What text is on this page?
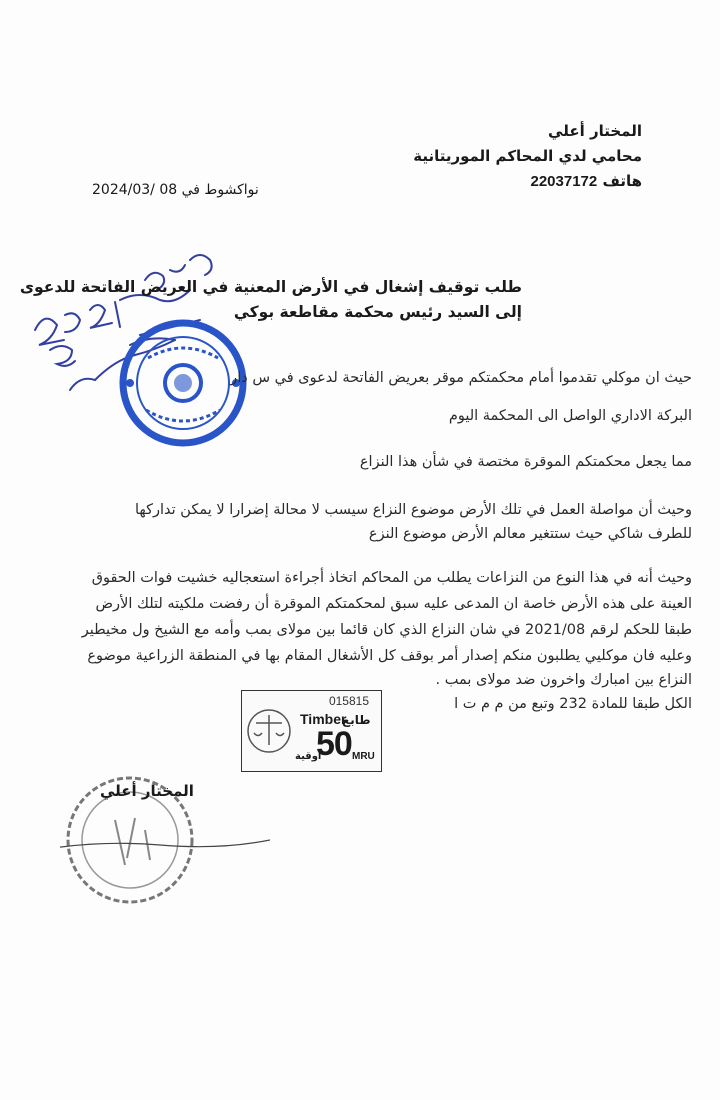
المختار أعلي
محامي لدي المحاكم الموريتانية
هاتف 22037172
نواكشوط في 08 /2024/03
طلب توقيف إشغال في الأرض المعنية في العريض الفاتحة للدعوى
إلى السيد رئيس محكمة مقاطعة بوكي
حيث ان موكلي تقدموا أمام محكمتكم موقر بعريض الفاتحة لدعوى في س دار
البركة الاداري الواصل الى المحكمة اليوم
مما يجعل محكمتكم الموقرة مختصة في شأن هذا النزاع
وحيث أن مواصلة العمل في تلك الأرض موضوع النزاع سيسب لا محالة إضرارا لا يمكن تداركها
للطرف شاكي حيث ستتغير معالم الأرض موضوع النزع
وحيث أنه في هذا النوع من النزاعات يطلب من المحاكم اتخاذ أجراءة استعجاليه خشيت فوات الحقوق
العينة على هذه الأرض خاصة ان المدعى عليه سبق لمحكمتكم الموقرة أن رفضت ملكيته لتلك الأرض
طبقا للحكم لرقم 2021/08 في شان النزاع الذي كان قائما بين مولاى بمب وأمه مع الشيخ ول مخيطير
وعليه فان موكليي يطلبون منكم إصدار أمر بوقف كل الأشغال المقام بها في المنطقة الزراعية موضوع
النزاع بين امبارك واخرون ضد مولاى بمب .
الكل طبقا للمادة 232 وتبع من م م ت ا
015815
Timber
طابع
50
أوقية	MRU
المختار أعلي
